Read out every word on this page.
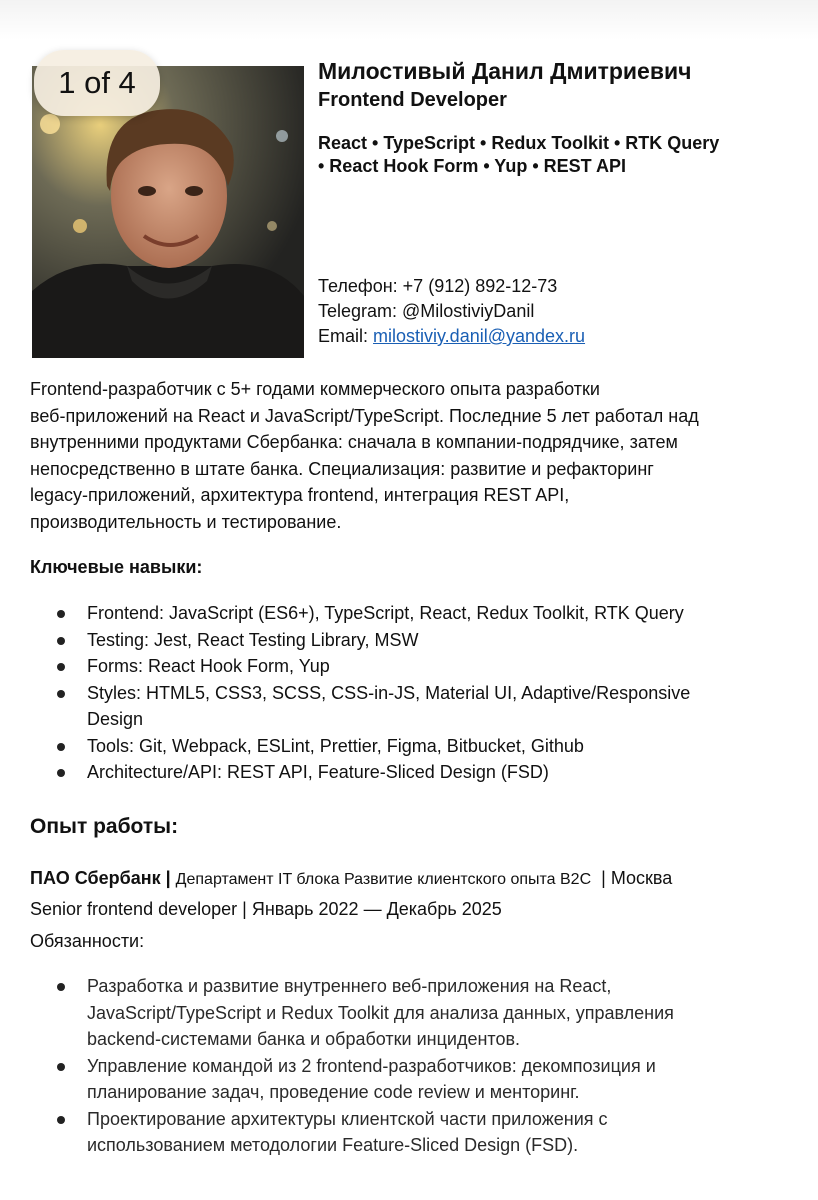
1 of 4	Милостивый Данил Дмитриевич
Frontend Developer
React • TypeScript • Redux Toolkit • RTK Query
• React Hook Form • Yup • REST API
Телефон: +7 (912) 892-12-73
Telegram: @MilostiviyDanil
Email: milostiviy.danil@yandex.ru
Frontend-разработчик с 5+ годами коммерческого опыта разработки
веб-приложений на React и JavaScript/TypeScript. Последние 5 лет работал над
внутренними продуктами Сбербанка: сначала в компании-подрядчике, затем
непосредственно в штате банка. Специализация: развитие и рефакторинг
legacy-приложений, архитектура frontend, интеграция REST API,
производительность и тестирование.
Ключевые навыки:
Frontend: JavaScript (ES6+), TypeScript, React, Redux Toolkit, RTK Query
Testing: Jest, React Testing Library, MSW
Forms: React Hook Form, Yup
Styles: HTML5, CSS3, SCSS, CSS-in-JS, Material UI, Adaptive/Responsive
Design
Tools: Git, Webpack, ESLint, Prettier, Figma, Bitbucket, Github
Architecture/API: REST API, Feature-Sliced Design (FSD)
Опыт работы:
ПАО Сбербанк | Департамент IT блока Развитие клиентского опыта B2C  | Москва
Senior frontend developer | Январь 2022 — Декабрь 2025
Обязанности:
Разработка и развитие внутреннего веб-приложения на React,
JavaScript/TypeScript и Redux Toolkit для анализа данных, управления
backend-системами банка и обработки инцидентов.
Управление командой из 2 frontend-разработчиков: декомпозиция и
планирование задач, проведение code review и менторинг.
Проектирование архитектуры клиентской части приложения с
использованием методологии Feature-Sliced Design (FSD).
